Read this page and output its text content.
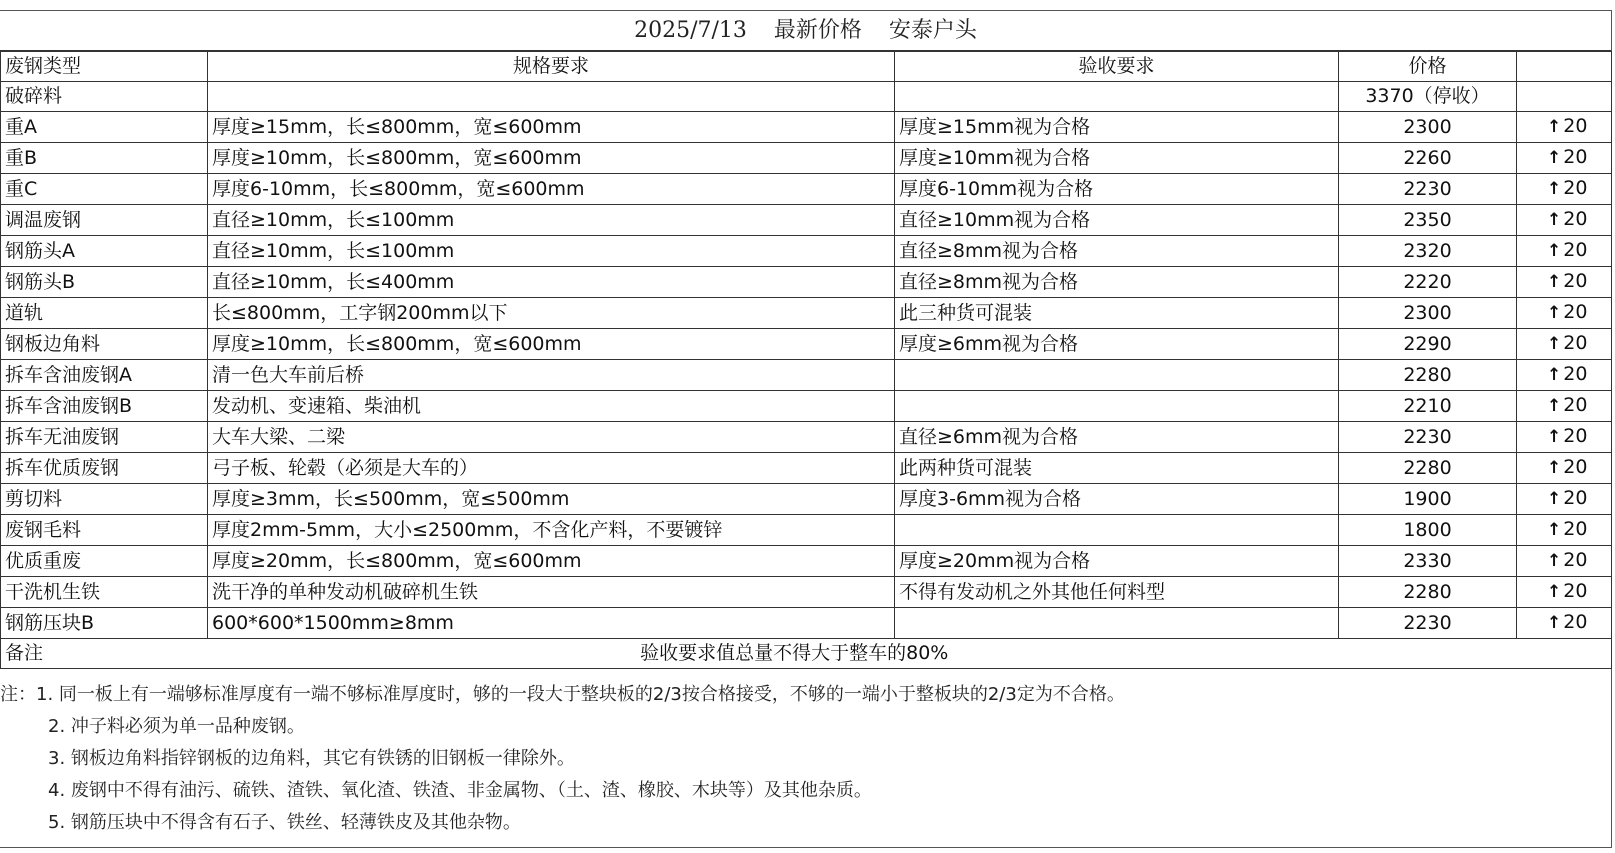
2025/7/13 最新价格 安泰户头
废钢类型	规格要求	验收要求	价格	
破碎料			3370（停收）	
重A	厚度≥15mm，长≤800mm，宽≤600mm	厚度≥15mm视为合格	2300	↑ 20
重B	厚度≥10mm，长≤800mm，宽≤600mm	厚度≥10mm视为合格	2260	↑ 20
重C	厚度6-10mm，长≤800mm，宽≤600mm	厚度6-10mm视为合格	2230	↑ 20
调温废钢	直径≥10mm，长≤100mm	直径≥10mm视为合格	2350	↑ 20
钢筋头A	直径≥10mm，长≤100mm	直径≥8mm视为合格	2320	↑ 20
钢筋头B	直径≥10mm，长≤400mm	直径≥8mm视为合格	2220	↑ 20
道轨	长≤800mm，工字钢200mm以下	此三种货可混装	2300	↑ 20
钢板边角料	厚度≥10mm，长≤800mm，宽≤600mm	厚度≥6mm视为合格	2290	↑ 20
拆车含油废钢A	清一色大车前后桥		2280	↑ 20
拆车含油废钢B	发动机、变速箱、柴油机		2210	↑ 20
拆车无油废钢	大车大梁、二梁	直径≥6mm视为合格	2230	↑ 20
拆车优质废钢	弓子板、轮毂（必须是大车的）	此两种货可混装	2280	↑ 20
剪切料	厚度≥3mm，长≤500mm，宽≤500mm	厚度3-6mm视为合格	1900	↑ 20
废钢毛料	厚度2mm-5mm，大小≤2500mm，不含化产料，不要镀锌		1800	↑ 20
优质重废	厚度≥20mm，长≤800mm，宽≤600mm	厚度≥20mm视为合格	2330	↑ 20
干洗机生铁	洗干净的单种发动机破碎机生铁	不得有发动机之外其他任何料型	2280	↑ 20
钢筋压块B	600*600*1500mm≥8mm		2230	↑ 20
备注	验收要求值总量不得大于整车的80%			
注：1. 同一板上有一端够标准厚度有一端不够标准厚度时，够的一段大于整块板的2/3按合格接受，不够的一端小于整板块的2/3定为不合格。
2. 冲子料必须为单一品种废钢。
3. 钢板边角料指锌钢板的边角料，其它有铁锈的旧钢板一律除外。
4. 废钢中不得有油污、硫铁、渣铁、氧化渣、铁渣、非金属物、（土、渣、橡胶、木块等）及其他杂质。
5. 钢筋压块中不得含有石子、铁丝、轻薄铁皮及其他杂物。
